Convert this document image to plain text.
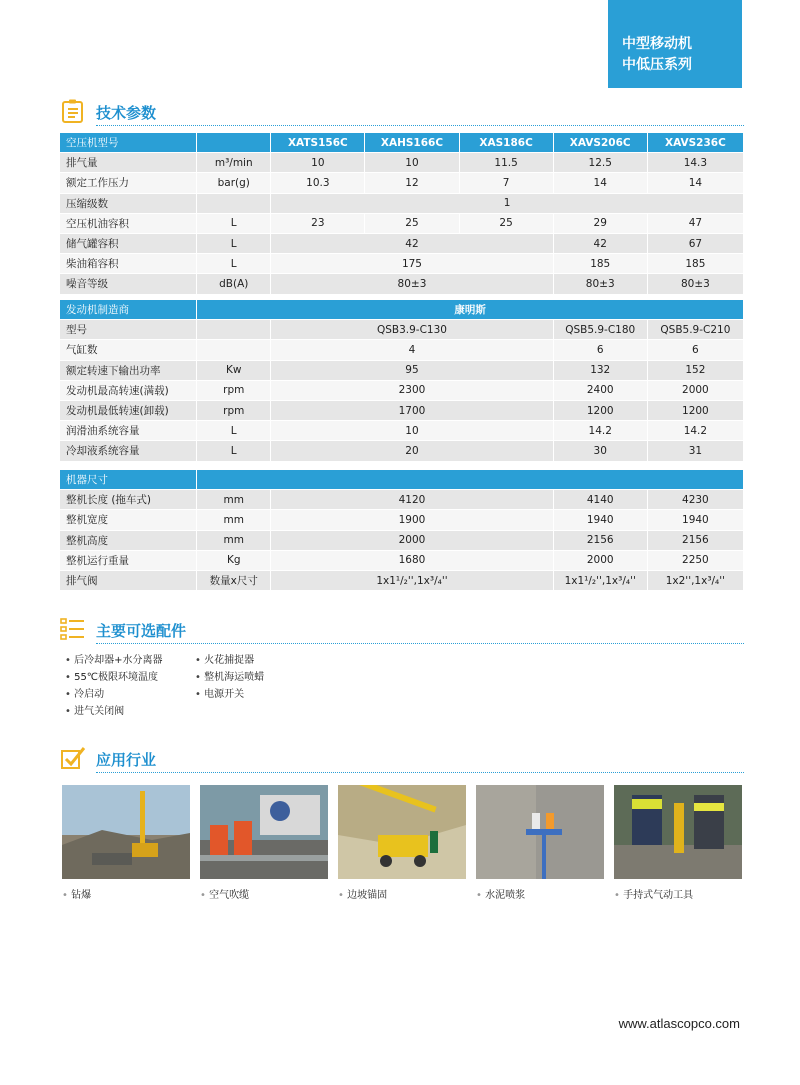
中型移动机
中低压系列
技术参数
空压机型号		XATS156C	XAHS166C	XAS186C	XAVS206C	XAVS236C
排气量	m³/min	10	10	11.5	12.5	14.3
额定工作压力	bar(g)	10.3	12	7	14	14
压缩级数		1				
空压机油容积	L	23	25	25	29	47
储气罐容积	L	42			42	67
柴油箱容积	L	175			185	185
噪音等级	dB(A)	80±3			80±3	80±3
发动机制造商	康明斯			
型号		QSB3.9-C130	QSB5.9-C180	QSB5.9-C210
气缸数		4	6	6
额定转速下输出功率	Kw	95	132	152
发动机最高转速(满载)	rpm	2300	2400	2000
发动机最低转速(卸载)	rpm	1700	1200	1200
润滑油系统容量	L	10	14.2	14.2
冷却液系统容量	L	20	30	31
机器尺寸				
整机长度 (拖车式)	mm	4120	4140	4230
整机宽度	mm	1900	1940	1940
整机高度	mm	2000	2156	2156
整机运行重量	Kg	1680	2000	2250
排气阀	数量x尺寸	1x1¹/₂'',1x³/₄''	1x1¹/₂'',1x³/₄''	1x2'',1x³/₄''
主要可选配件
• 后冷却器+水分离器
• 55℃极限环境温度
• 冷启动
• 进气关闭阀
• 火花捕捉器
• 整机海运喷蜡
• 电源开关
应用行业
• 钻爆	• 空气吹缆	• 边坡锚固	• 水泥喷浆	• 手持式气动工具
www.atlascopco.com
